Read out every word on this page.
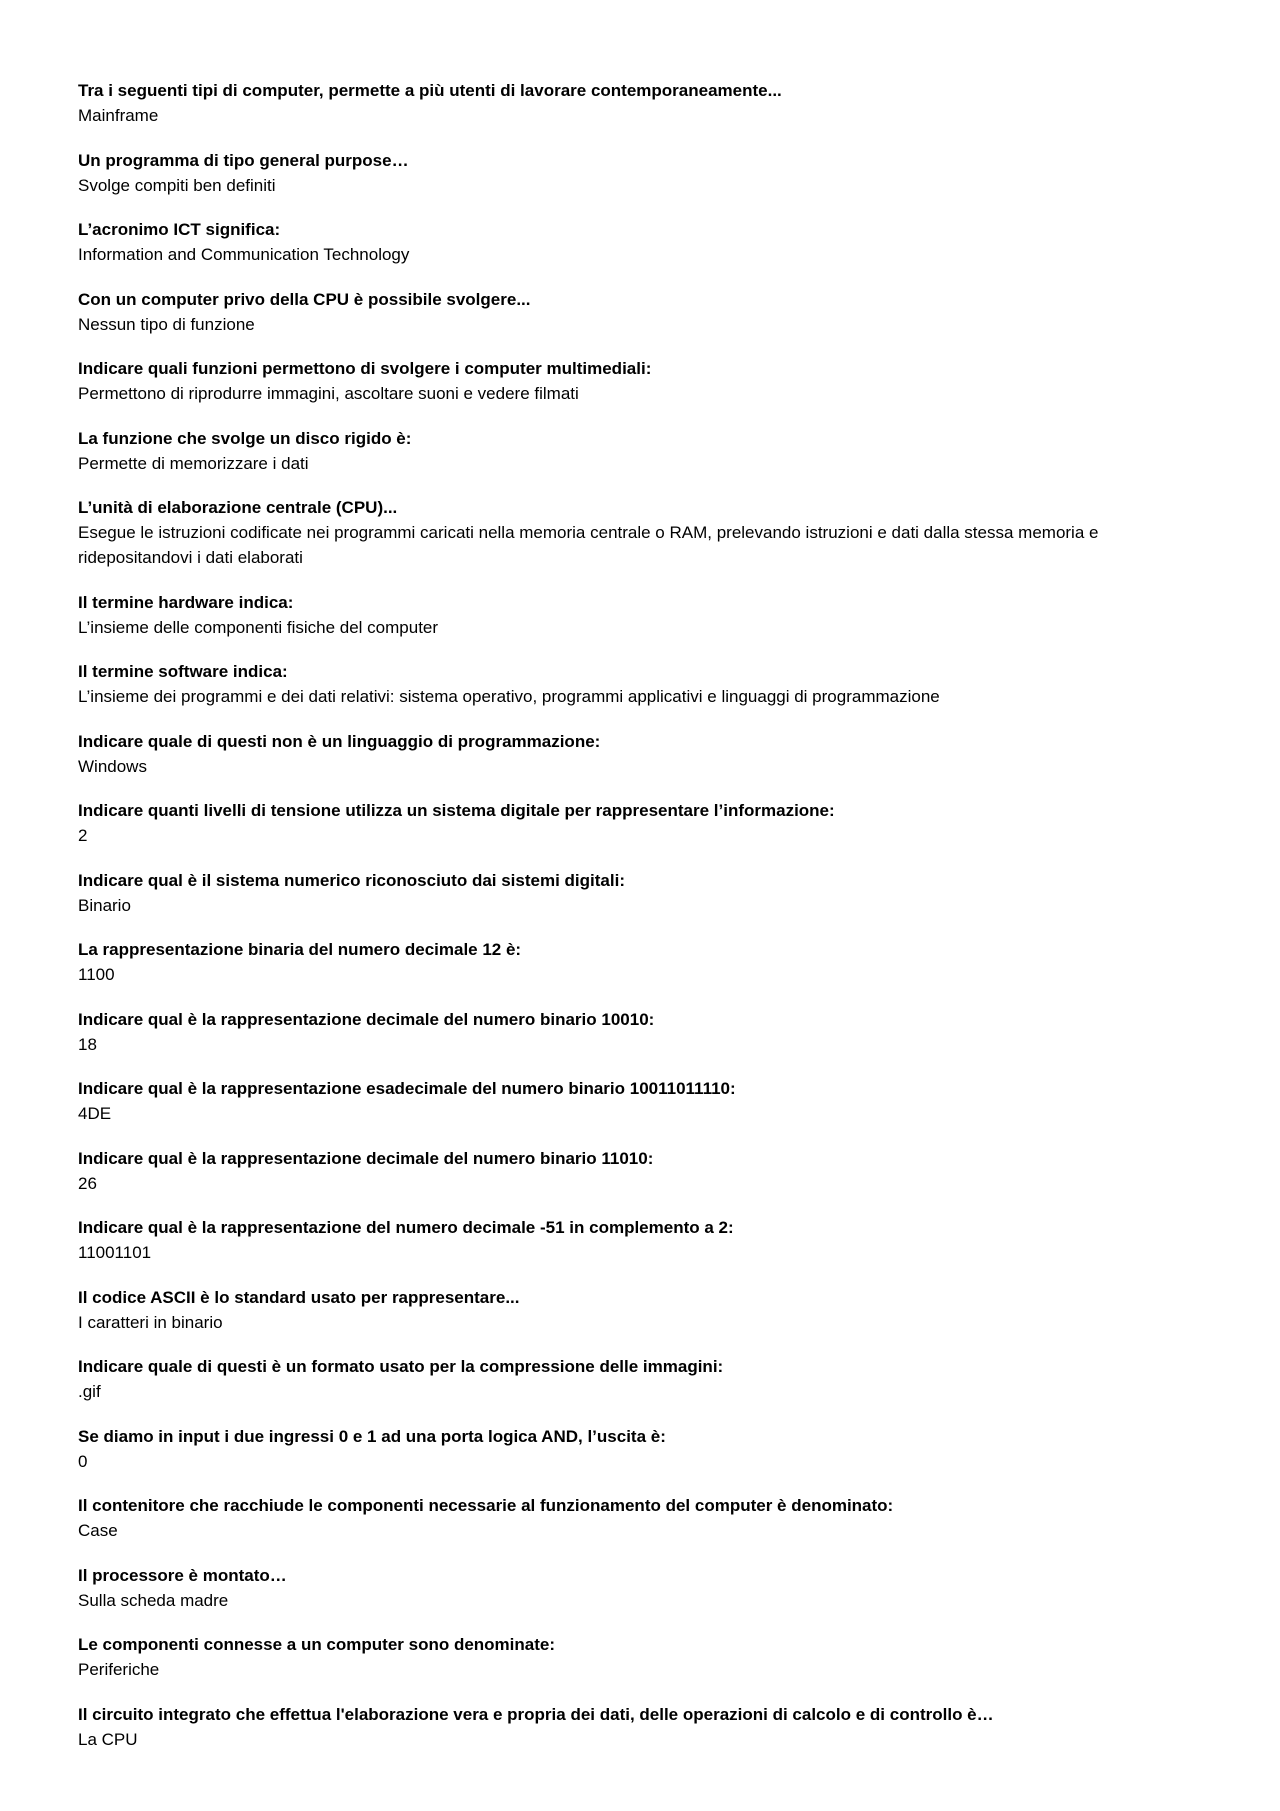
Tra i seguenti tipi di computer, permette a più utenti di lavorare contemporaneamente...

Mainframe

Un programma di tipo general purpose…

Svolge compiti ben definiti

L’acronimo ICT significa:

Information and Communication Technology

Con un computer privo della CPU è possibile svolgere...

Nessun tipo di funzione

Indicare quali funzioni permettono di svolgere i computer multimediali:

Permettono di riprodurre immagini, ascoltare suoni e vedere filmati

La funzione che svolge un disco rigido è:

Permette di memorizzare i dati

L’unità di elaborazione centrale (CPU)...

Esegue le istruzioni codificate nei programmi caricati nella memoria centrale o RAM, prelevando istruzioni e dati dalla stessa memoria e ridepositandovi i dati elaborati

Il termine hardware indica:

L’insieme delle componenti fisiche del computer

Il termine software indica:

L’insieme dei programmi e dei dati relativi: sistema operativo, programmi applicativi e linguaggi di programmazione

Indicare quale di questi non è un linguaggio di programmazione:

Windows

Indicare quanti livelli di tensione utilizza un sistema digitale per rappresentare l’informazione:

2

Indicare qual è il sistema numerico riconosciuto dai sistemi digitali:

Binario

La rappresentazione binaria del numero decimale 12 è:

1100

Indicare qual è la rappresentazione decimale del numero binario 10010:

18

Indicare qual è la rappresentazione esadecimale del numero binario 10011011110:

4DE

Indicare qual è la rappresentazione decimale del numero binario 11010:

26

Indicare qual è la rappresentazione del numero decimale -51 in complemento a 2:

11001101

Il codice ASCII è lo standard usato per rappresentare...

I caratteri in binario

Indicare quale di questi è un formato usato per la compressione delle immagini:

.gif

Se diamo in input i due ingressi 0 e 1 ad una porta logica AND, l’uscita è:

0

Il contenitore che racchiude le componenti necessarie al funzionamento del computer è denominato:

Case

Il processore è montato…

Sulla scheda madre

Le componenti connesse a un computer sono denominate:

Periferiche

Il circuito integrato che effettua l'elaborazione vera e propria dei dati, delle operazioni di calcolo e di controllo è…

La CPU
